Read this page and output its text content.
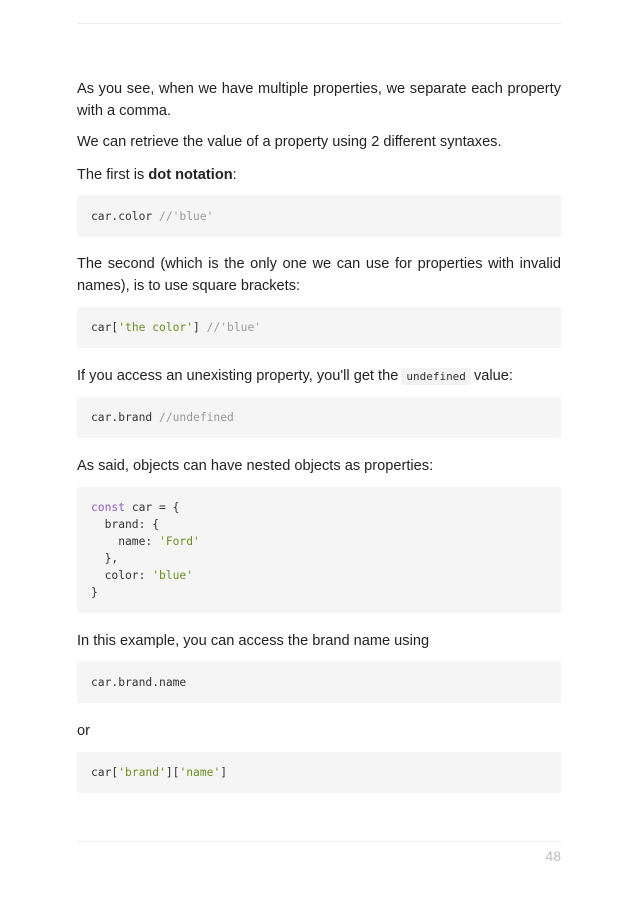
As you see, when we have multiple properties, we separate each property with a comma.

We can retrieve the value of a property using 2 different syntaxes.

The first is dot notation:

car.color //'blue'

The second (which is the only one we can use for properties with invalid names), is to use square brackets:

car['the color'] //'blue'

If you access an unexisting property, you'll get the undefined value:

car.brand //undefined

As said, objects can have nested objects as properties:

const car = {
brand: {
name: 'Ford'
},
color: 'blue'
}

In this example, you can access the brand name using

car.brand.name

or

car['brand']['name']
48
